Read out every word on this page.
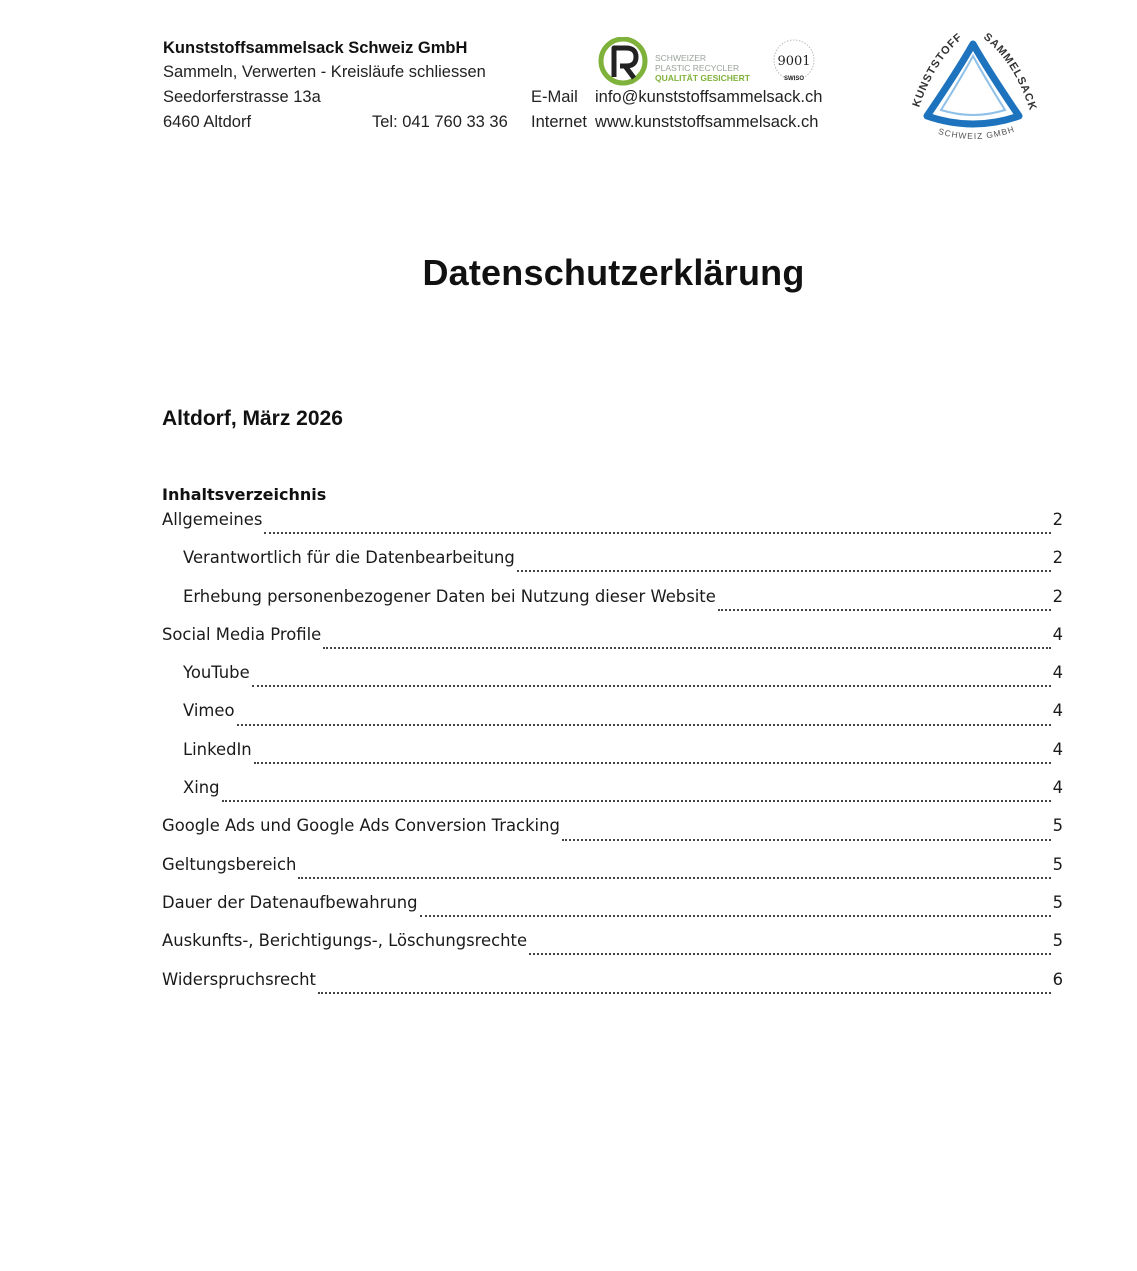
Kunststoffsammelsack Schweiz GmbH
Sammeln, Verwerten - Kreisläufe schliessen
Seedorferstrasse 13a
6460 Altdorf	Tel: 041 760 33 36
E-Mail info@kunststoffsammelsack.ch
Internet www.kunststoffsammelsack.ch
SCHWEIZER
PLASTIC RECYCLER
QUALITÄT GESICHERT
9001
SWISO
KUNSTSTOFF SAMMELSACK
SCHWEIZ GMBH
Datenschutzerklärung
Altdorf, März 2026
Inhaltsverzeichnis
Allgemeines	2
Verantwortlich für die Datenbearbeitung	2
Erhebung personenbezogener Daten bei Nutzung dieser Website	2
Social Media Profile	4
YouTube	4
Vimeo	4
LinkedIn	4
Xing	4
Google Ads und Google Ads Conversion Tracking	5
Geltungsbereich	5
Dauer der Datenaufbewahrung	5
Auskunfts-, Berichtigungs-, Löschungsrechte	5
Widerspruchsrecht	6
